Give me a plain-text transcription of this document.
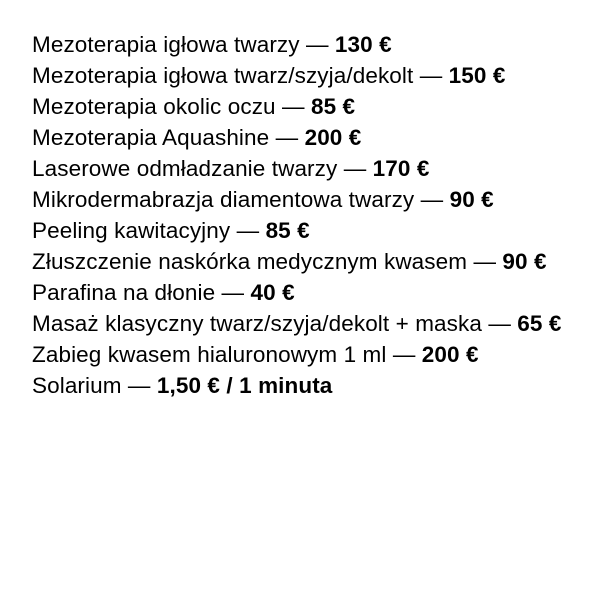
Mezoterapia igłowa twarzy — 130 €
Mezoterapia igłowa twarz/szyja/dekolt — 150 €
Mezoterapia okolic oczu — 85 €
Mezoterapia Aquashine — 200 €
Laserowe odmładzanie twarzy — 170 €
Mikrodermabrazja diamentowa twarzy — 90 €
Peeling kawitacyjny — 85 €
Złuszczenie naskórka medycznym kwasem — 90 €
Parafina na dłonie — 40 €
Masaż klasyczny twarz/szyja/dekolt + maska — 65 €
Zabieg kwasem hialuronowym 1 ml — 200 €
Solarium — 1,50 € / 1 minuta
